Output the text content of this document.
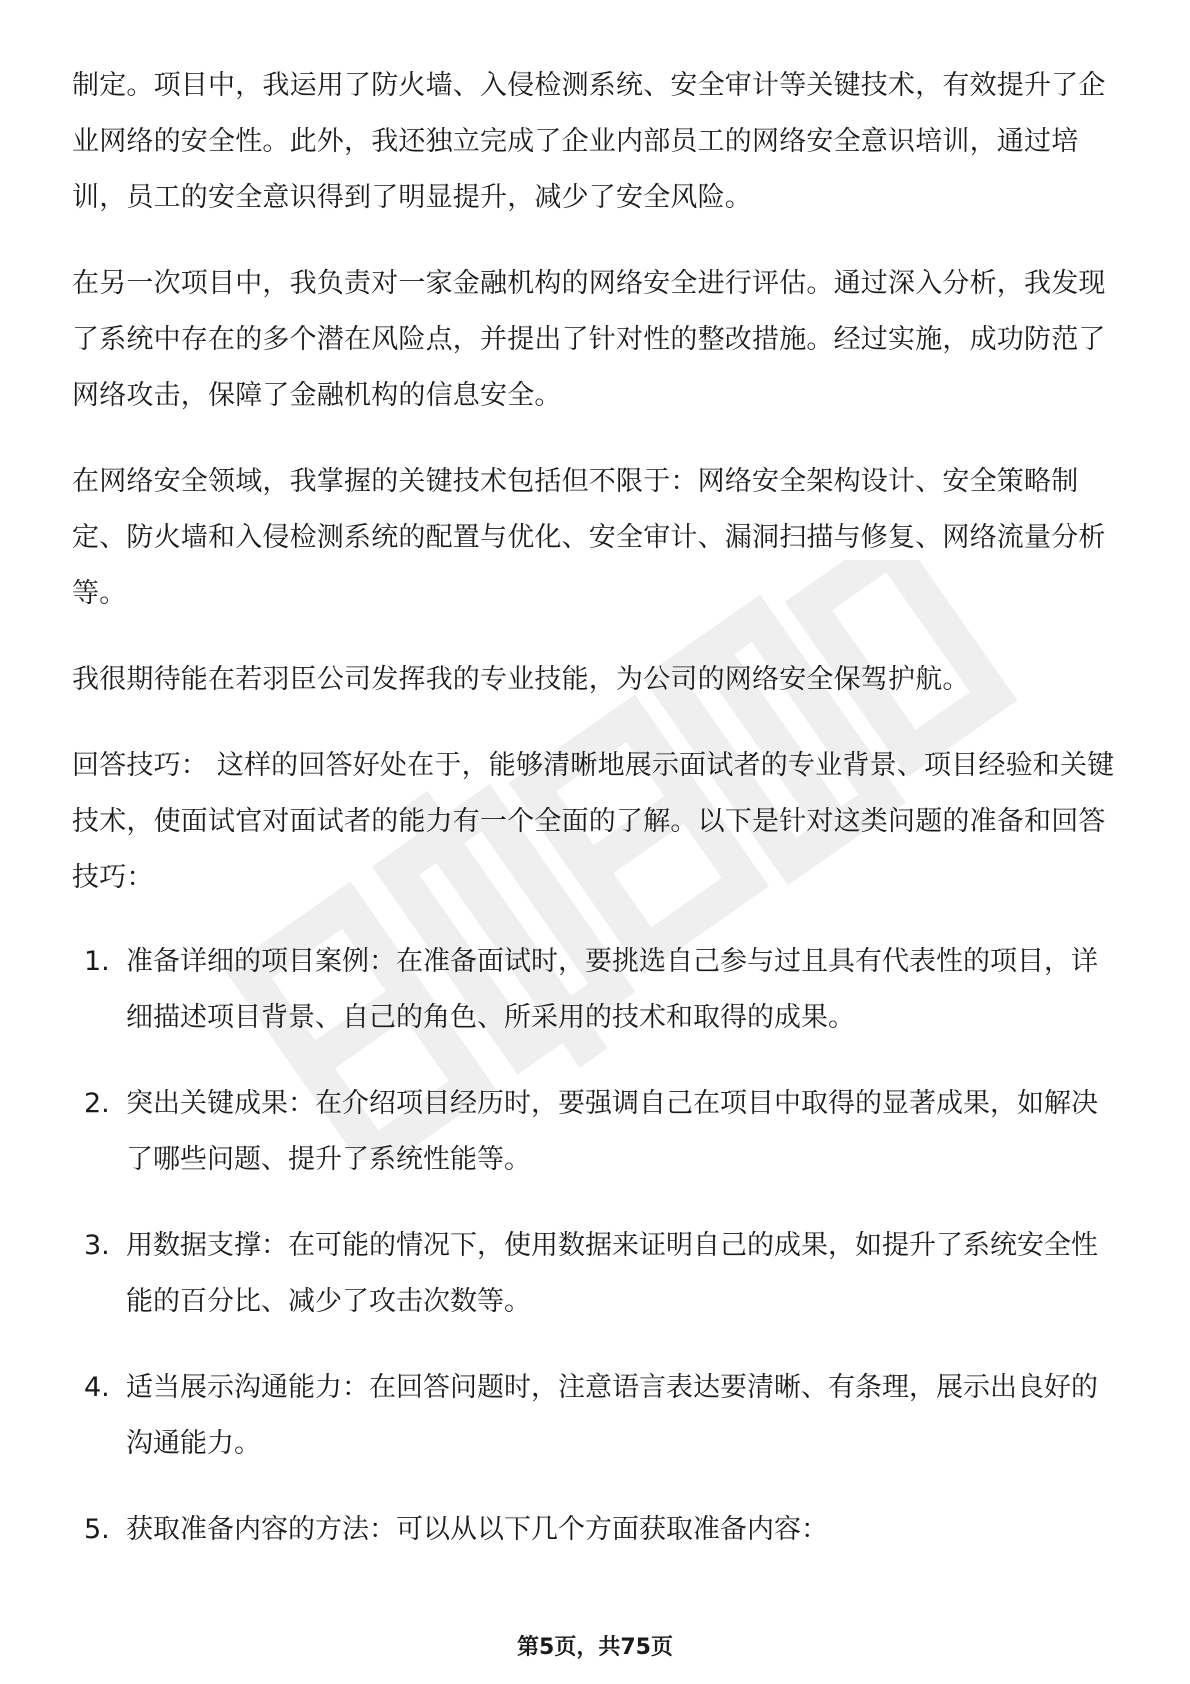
制定。项目中，我运用了防火墙、入侵检测系统、安全审计等关键技术，有效提升了企业网络的安全性。此外，我还独立完成了企业内部员工的网络安全意识培训，通过培训，员工的安全意识得到了明显提升，减少了安全风险。

在另一次项目中，我负责对一家金融机构的网络安全进行评估。通过深入分析，我发现了系统中存在的多个潜在风险点，并提出了针对性的整改措施。经过实施，成功防范了网络攻击，保障了金融机构的信息安全。

在网络安全领域，我掌握的关键技术包括但不限于：网络安全架构设计、安全策略制定、防火墙和入侵检测系统的配置与优化、安全审计、漏洞扫描与修复、网络流量分析等。

我很期待能在若羽臣公司发挥我的专业技能，为公司的网络安全保驾护航。

回答技巧： 这样的回答好处在于，能够清晰地展示面试者的专业背景、项目经验和关键技术，使面试官对面试者的能力有一个全面的了解。以下是针对这类问题的准备和回答技巧：

1. 准备详细的项目案例：在准备面试时，要挑选自己参与过且具有代表性的项目，详细描述项目背景、自己的角色、所采用的技术和取得的成果。
2. 突出关键成果：在介绍项目经历时，要强调自己在项目中取得的显著成果，如解决了哪些问题、提升了系统性能等。
3. 用数据支撑：在可能的情况下，使用数据来证明自己的成果，如提升了系统安全性能的百分比、减少了攻击次数等。
4. 适当展示沟通能力：在回答问题时，注意语言表达要清晰、有条理，展示出良好的沟通能力。
5. 获取准备内容的方法：可以从以下几个方面获取准备内容：
第5页，共75页
